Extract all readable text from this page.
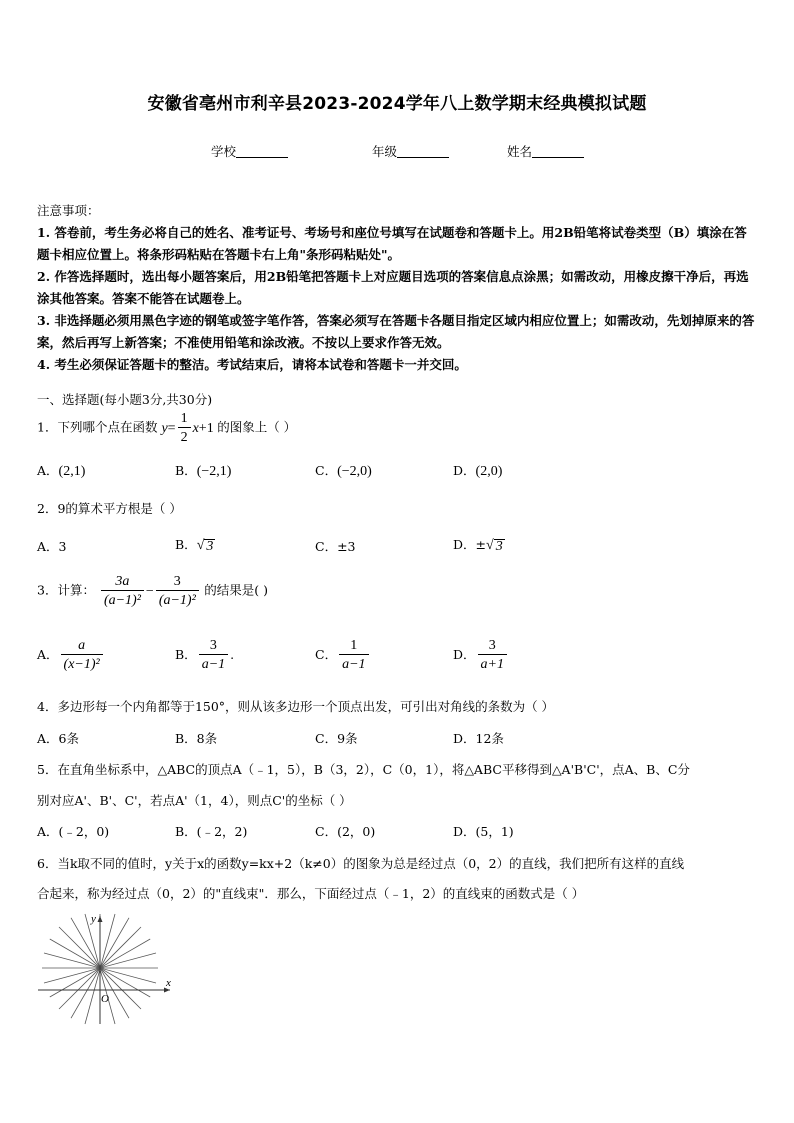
安徽省亳州市利辛县2023-2024学年八上数学期末经典模拟试题
学校	年级	姓名
注意事项：
1. 答卷前，考生务必将自己的姓名、准考证号、考场号和座位号填写在试题卷和答题卡上。用2B铅笔将试卷类型（B）填涂在答题卡相应位置上。将条形码粘贴在答题卡右上角"条形码粘贴处"。
2. 作答选择题时，选出每小题答案后，用2B铅笔把答题卡上对应题目选项的答案信息点涂黑；如需改动，用橡皮擦干净后，再选涂其他答案。答案不能答在试题卷上。
3. 非选择题必须用黑色字迹的钢笔或签字笔作答，答案必须写在答题卡各题目指定区域内相应位置上；如需改动，先划掉原来的答案，然后再写上新答案；不准使用铅笔和涂改液。不按以上要求作答无效。
4. 考生必须保证答题卡的整洁。考试结束后，请将本试卷和答题卡一并交回。
一、选择题(每小题3分,共30分)
1．下列哪个点在函数 $y= \frac{1}{2} x+1$ 的图象上（ ）
A．(2,1)	B．(−2,1)	C．(−2,0)	D．(2,0)
2．9的算术平方根是（ ）
A．3	B．√ 3	C．±3	D．±√ 3
3．计算： $\frac{3a}{\text{(a−1)²}} - \frac{3}{\text{(a−1)²}}$ 的结果是( )
A． $\frac{a}{\text{(x−1)²}}$	B． $\frac{3}{a-1}$ .	C． $\frac{1}{a-1}$	D． $\frac{3}{a+1}$
4．多边形每一个内角都等于150°，则从该多边形一个顶点出发，可引出对角线的条数为（ ）
A．6条	B．8条	C．9条	D．12条
5．在直角坐标系中，△ABC的顶点A（﹣1，5），B（3，2），C（0，1），将△ABC平移得到△A'B'C'，点A、B、C分
别对应A'、B'、C'，若点A'（1，4），则点C'的坐标（ ）
A．(﹣2，0)	B．(﹣2，2)	C．(2，0)	D．(5，1)
6．当k取不同的值时，y关于x的函数y=kx+2（k≠0）的图象为总是经过点（0，2）的直线，我们把所有这样的直线
合起来，称为经过点（0，2）的"直线束"．那么，下面经过点（﹣1，2）的直线束的函数式是（ ）
x
y
O
